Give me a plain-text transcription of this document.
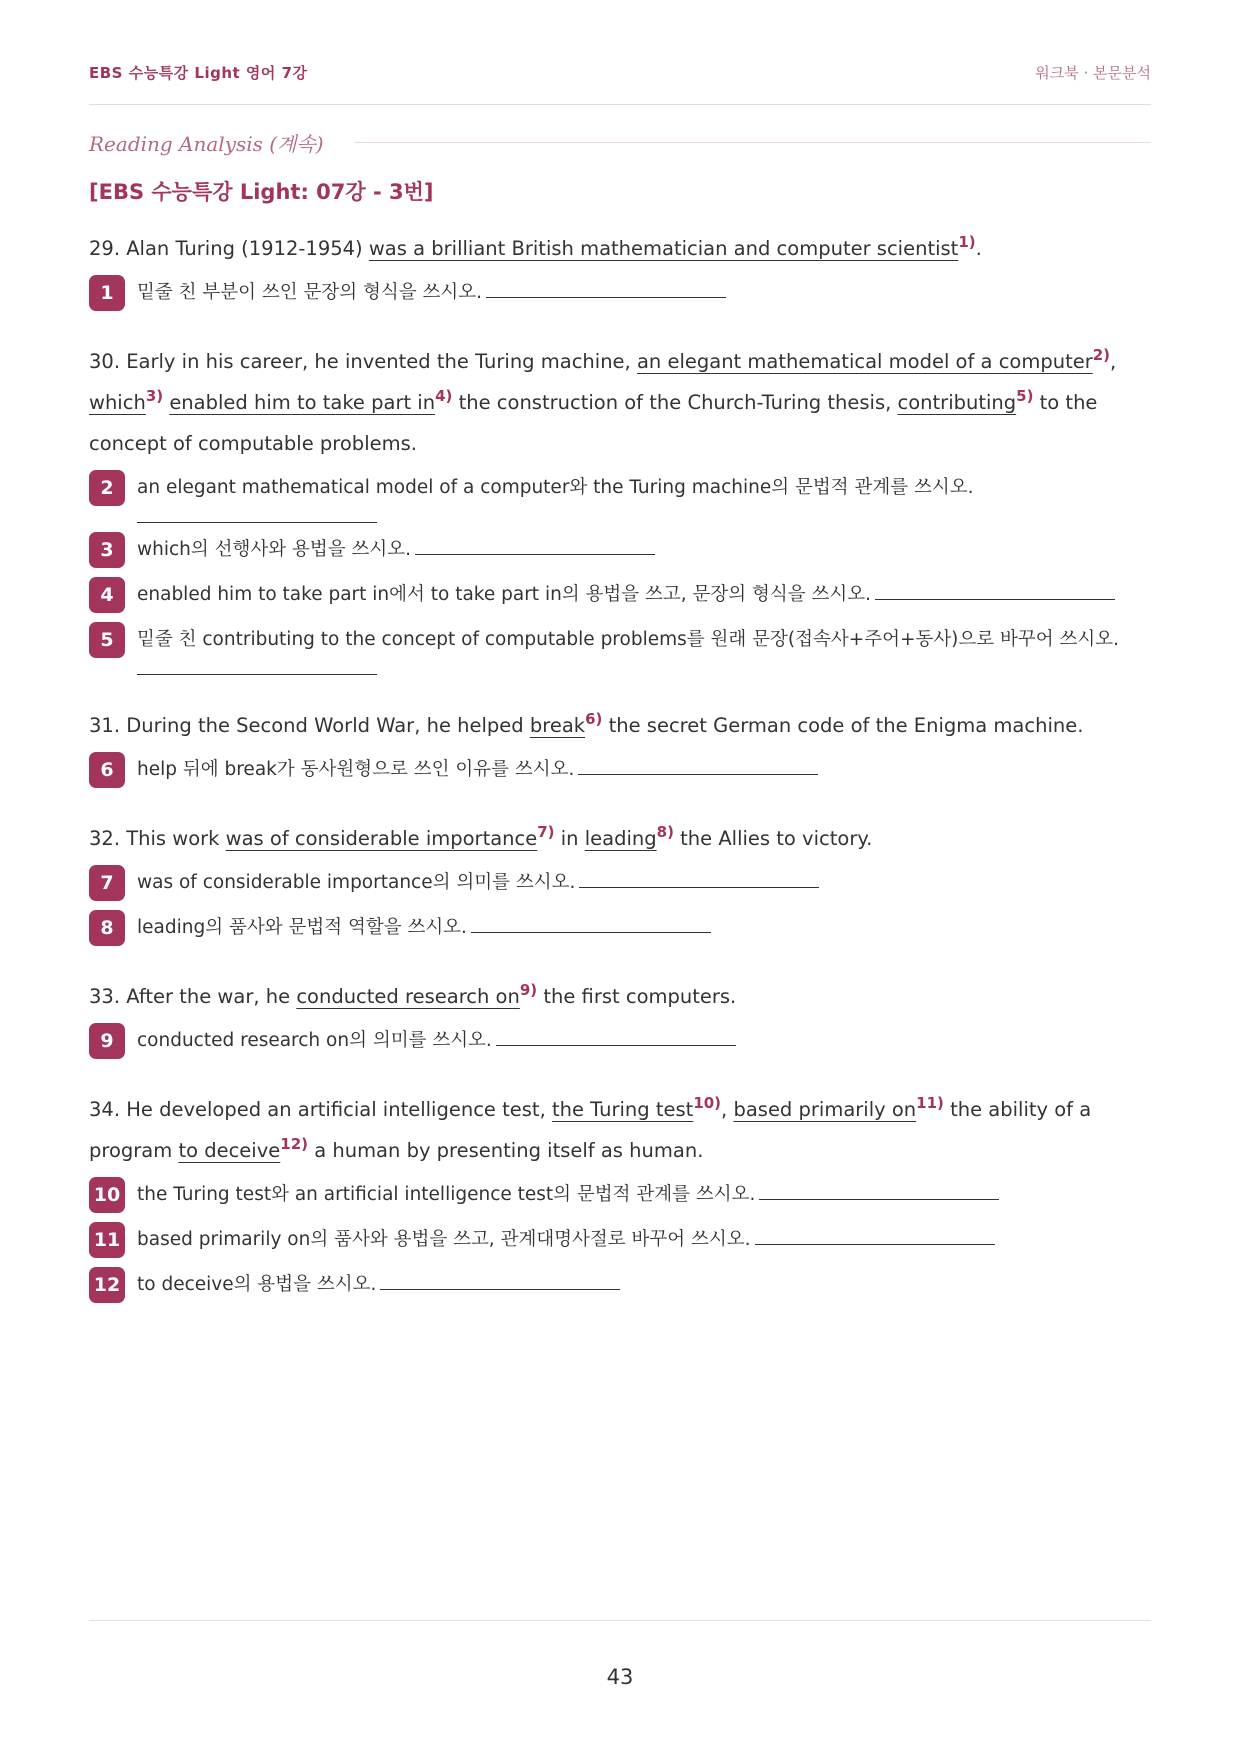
EBS 수능특강 Light 영어 7강	워크북 · 본문분석
Reading Analysis (계속)
[EBS 수능특강 Light: 07강 - 3번]

29. Alan Turing (1912-1954) was a brilliant British mathematician and computer scientist$^{1)}$.

1	밑줄 친 부분이 쓰인 문장의 형식을 쓰시오.

30. Early in his career, he invented the Turing machine, an elegant mathematical model of a computer$^{2)}$, which$^{3)}$ enabled him to take part $in^{4)}$ the construction of the Church-Turing thesis, contributing$^{5)}$ to the concept of computable problems.

2	an elegant mathematical model of a computer와 the Turing machine의 문법적 관계를 쓰시오.
3	which의 선행사와 용법을 쓰시오.
4	enabled him to take part in에서 to take part in의 용법을 쓰고, 문장의 형식을 쓰시오.
5	밑줄 친 contributing to the concept of computable problems를 원래 문장(접속사+주어+동사)으로 바꾸어 쓰시오.

31. During the Second World War, he helped break$^{6)}$ the secret German code of the Enigma machine.

6	help 뒤에 break가 동사원형으로 쓰인 이유를 쓰시오.

32. This work was of considerable importance$^{7)}$ in leading$^{8)}$ the Allies to victory.

7	was of considerable importance의 의미를 쓰시오.
8	leading의 품사와 문법적 역할을 쓰시오.

33. After the war, he conducted research $on^{9)}$ the first computers.

9	conducted research on의 의미를 쓰시오.

34. He developed an artificial intelligence test, the Turing test$^{10)}$, based primarily $on^{11)}$ the ability of a program to deceive$^{12)}$ a human by presenting itself as human.

10 the Turing test와 an artificial intelligence test의 문법적 관계를 쓰시오.
11 based primarily on의 품사와 용법을 쓰고, 관계대명사절로 바꾸어 쓰시오.
12 to deceive의 용법을 쓰시오.
43
